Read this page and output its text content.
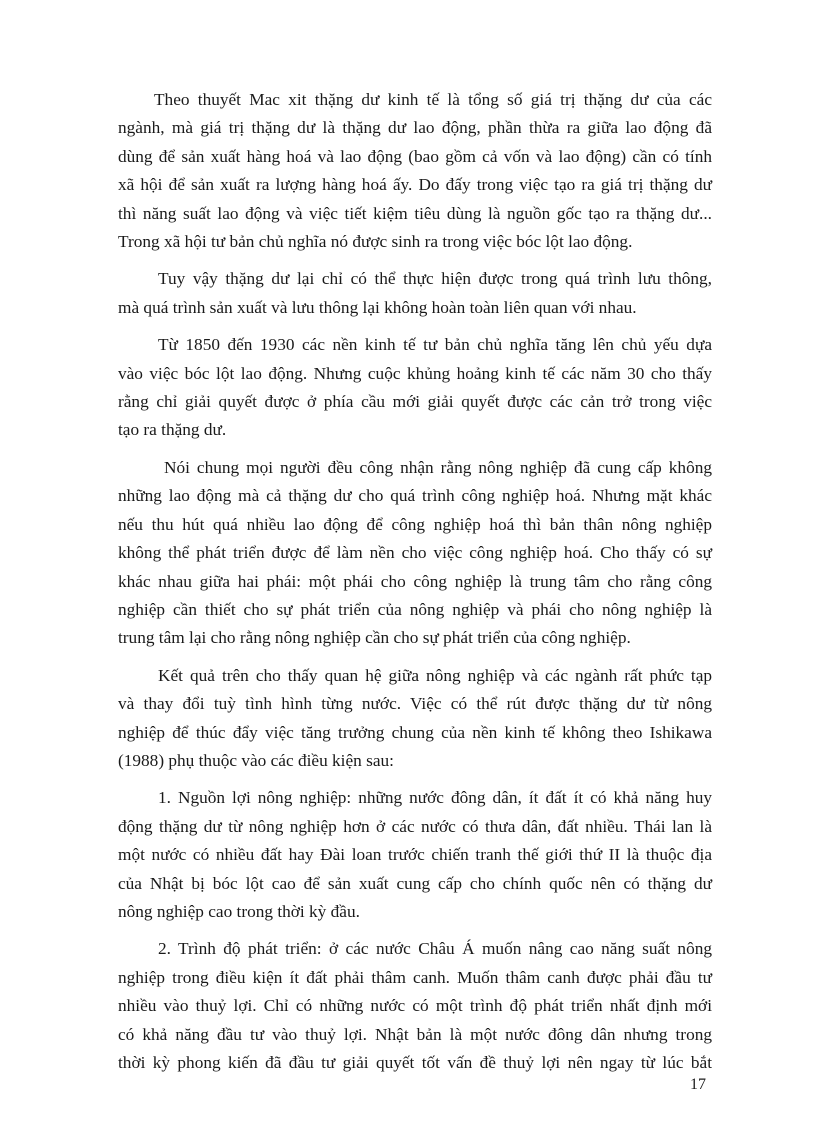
Theo thuyết Mac xit thặng dư kinh tế là tổng số giá trị thặng dư của các
ngành, mà giá trị thặng dư là thặng dư lao động, phần thừa ra giữa lao động đã
dùng để sản xuất hàng hoá và lao động (bao gồm cả vốn và lao động) cần có tính
xã hội để sản xuất ra lượng hàng hoá ấy. Do đấy trong việc tạo ra giá trị thặng dư
thì năng suất lao động và việc tiết kiệm tiêu dùng là nguồn gốc tạo ra thặng dư...
Trong xã hội tư bản chủ nghĩa nó được sinh ra trong việc bóc lột lao động.
Tuy vậy thặng dư lại chỉ có thể thực hiện được trong quá trình lưu thông,
mà quá trình sản xuất và lưu thông lại không hoàn toàn liên quan với nhau.
Từ 1850 đến 1930 các nền kinh tế tư bản chủ nghĩa tăng lên chủ yếu dựa
vào việc bóc lột lao động. Nhưng cuộc khủng hoảng kinh tế các năm 30 cho thấy
rằng chỉ giải quyết được ở phía cầu mới giải quyết được các cản trở trong việc
tạo ra thặng dư.
Nói chung mọi người đều công nhận rằng nông nghiệp đã cung cấp không
những lao động mà cả thặng dư cho quá trình công nghiệp hoá. Nhưng mặt khác
nếu thu hút quá nhiều lao động để công nghiệp hoá thì bản thân nông nghiệp
không thể phát triển được để làm nền cho việc công nghiệp hoá. Cho thấy có sự
khác nhau giữa hai phái: một phái cho công nghiệp là trung tâm cho rằng công
nghiệp cần thiết cho sự phát triển của nông nghiệp và phái cho nông nghiệp là
trung tâm lại cho rằng nông nghiệp cần cho sự phát triển của công nghiệp.
Kết quả trên cho thấy quan hệ giữa nông nghiệp và các ngành rất phức tạp
và thay đổi tuỳ tình hình từng nước. Việc có thể rút được thặng dư từ nông
nghiệp để thúc đẩy việc tăng trưởng chung của nền kinh tế không theo Ishikawa
(1988) phụ thuộc vào các điều kiện sau:
1. Nguồn lợi nông nghiệp: những nước đông dân, ít đất ít có khả năng huy
động thặng dư từ nông nghiệp hơn ở các nước có thưa dân, đất nhiều. Thái lan là
một nước có nhiều đất hay Đài loan trước chiến tranh thế giới thứ II là thuộc địa
của Nhật bị bóc lột cao để sản xuất cung cấp cho chính quốc nên có thặng dư
nông nghiệp cao trong thời kỳ đầu.
2. Trình độ phát triển: ở các nước Châu Á muốn nâng cao năng suất nông
nghiệp trong điều kiện ít đất phải thâm canh. Muốn thâm canh được phải đầu tư
nhiều vào thuỷ lợi. Chỉ có những nước có một trình độ phát triển nhất định mới
có khả năng đầu tư vào thuỷ lợi. Nhật bản là một nước đông dân nhưng trong
thời kỳ phong kiến đã đầu tư giải quyết tốt vấn đề thuỷ lợi nên ngay từ lúc bắt
17
